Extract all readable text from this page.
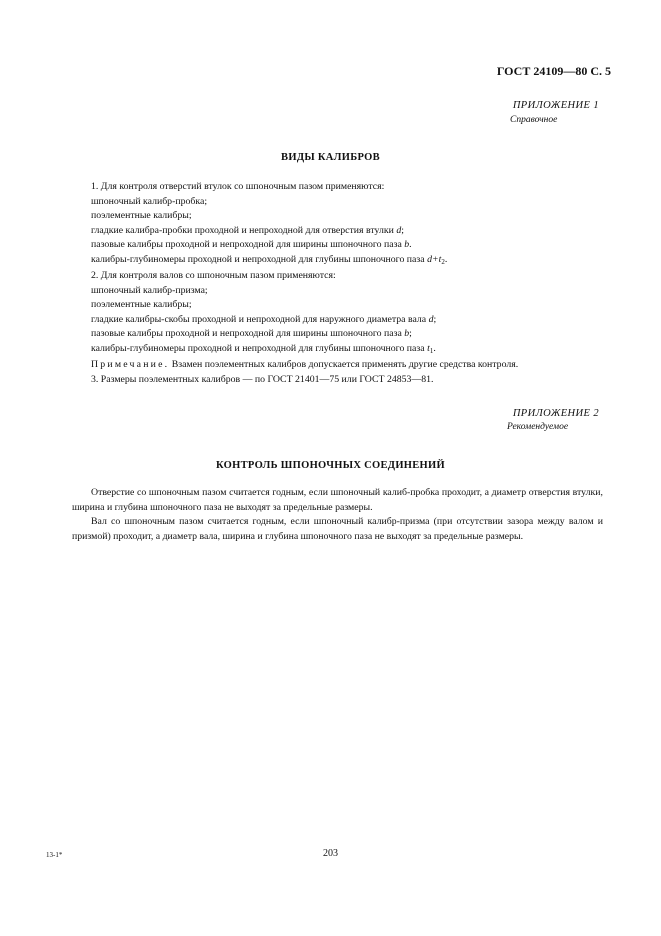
ГОСТ 24109—80 С. 5
ПРИЛОЖЕНИЕ 1
Справочное
ВИДЫ КАЛИБРОВ
1. Для контроля отверстий втулок со шпоночным пазом применяются:
шпоночный калибр-пробка;
поэлементные калибры;
гладкие калибра-пробки проходной и непроходной для отверстия втулки d;
пазовые калибры проходной и непроходной для ширины шпоночного паза b.
калибры-глубиномеры проходной и непроходной для глубины шпоночного паза $d+t_2$.
2. Для контроля валов со шпоночным пазом применяются:
шпоночный калибр-призма;
поэлементные калибры;
гладкие калибры-скобы проходной и непроходной для наружного диаметра вала d;
пазовые калибры проходной и непроходной для ширины шпоночного паза b;
калибры-глубиномеры проходной и непроходной для глубины шпоночного паза $t_1$.
Примечание. Взамен поэлементных калибров допускается применять другие средства контроля.
3. Размеры поэлементных калибров — по ГОСТ 21401—75 или ГОСТ 24853—81.
ПРИЛОЖЕНИЕ 2
Рекомендуемое
КОНТРОЛЬ ШПОНОЧНЫХ СОЕДИНЕНИЙ
Отверстие со шпоночным пазом считается годным, если шпоночный калиб-пробка проходит, а диаметр отверстия втулки, ширина и глубина шпоночного паза не выходят за предельные размеры.
Вал со шпоночным пазом считается годным, если шпоночный калибр-призма (при отсутствии зазора между валом и призмой) проходит, а диаметр вала, ширина и глубина шпоночного паза не выходят за предельные размеры.
13-1*	203
